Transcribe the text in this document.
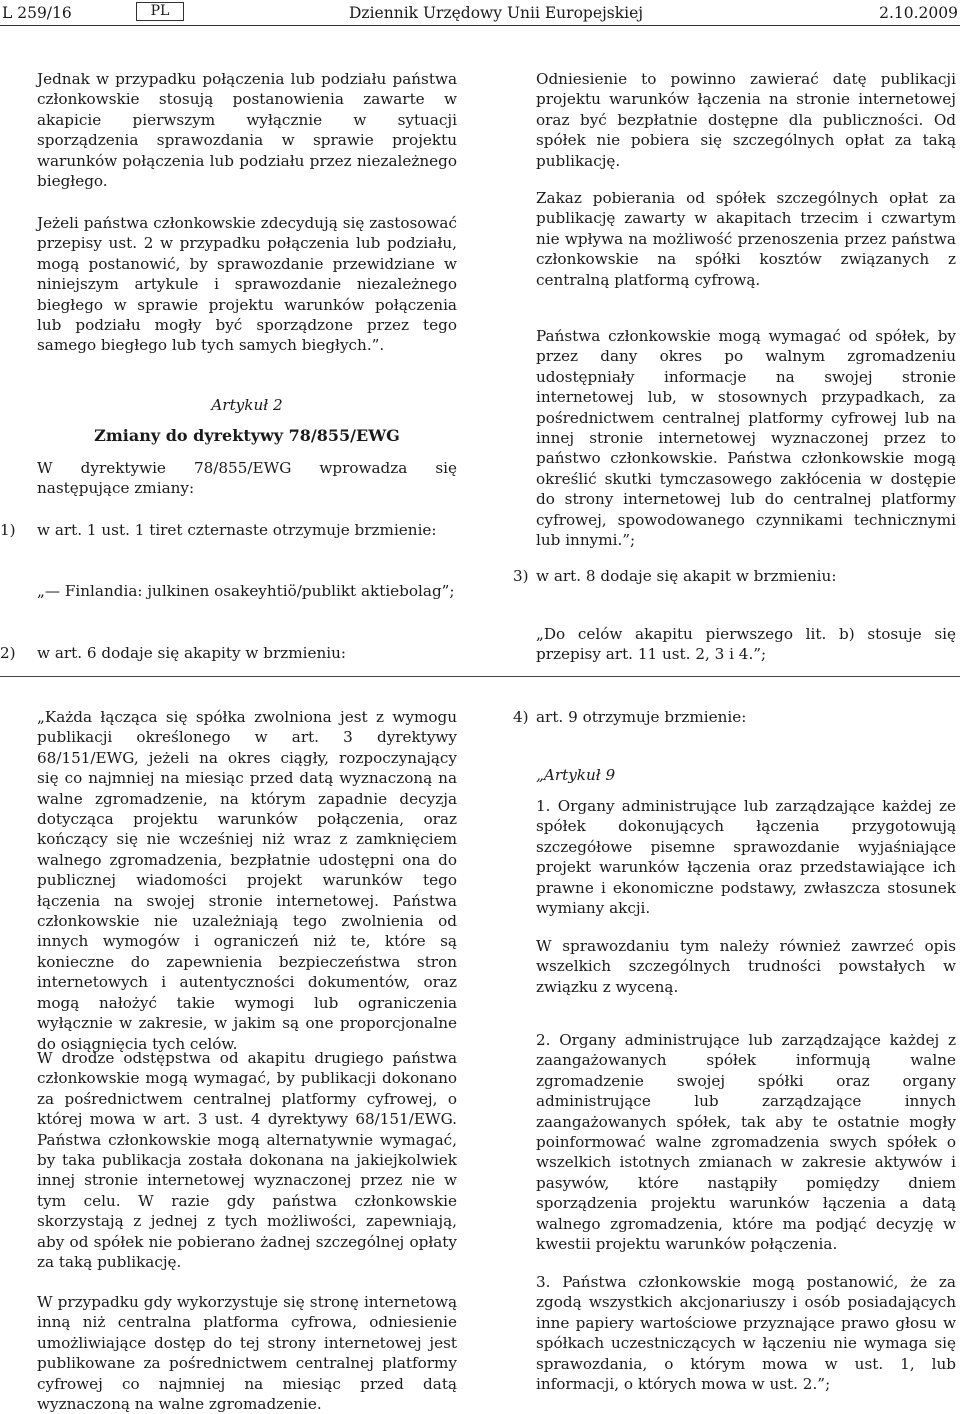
L 259/16	PL	Dziennik Urzędowy Unii Europejskiej	2.10.2009

Jednak w przypadku połączenia lub podziału państwa członkowskie stosują postanowienia zawarte w akapicie pierwszym wyłącznie w sytuacji sporządzenia sprawozdania w sprawie projektu warunków połączenia lub podziału przez niezależnego biegłego.

Jeżeli państwa członkowskie zdecydują się zastosować przepisy ust. 2 w przypadku połączenia lub podziału, mogą postanowić, by sprawozdanie przewidziane w niniejszym artykule i sprawozdanie niezależnego biegłego w sprawie projektu warunków połączenia lub podziału mogły być sporządzone przez tego samego biegłego lub tych samych biegłych.”.

Artykuł 2

Zmiany do dyrektywy 78/855/EWG

W dyrektywie 78/855/EWG wprowadza się następujące zmiany:

1) w art. 1 ust. 1 tiret czternaste otrzymuje brzmienie:

„— Finlandia: julkinen osakeyhtiö/publikt aktiebolag”;

2) w art. 6 dodaje się akapity w brzmieniu:

Odniesienie to powinno zawierać datę publikacji projektu warunków łączenia na stronie internetowej oraz być bezpłatnie dostępne dla publiczności. Od spółek nie pobiera się szczególnych opłat za taką publikację.

Zakaz pobierania od spółek szczególnych opłat za publikację zawarty w akapitach trzecim i czwartym nie wpływa na możliwość przenoszenia przez państwa członkowskie na spółki kosztów związanych z centralną platformą cyfrową.

Państwa członkowskie mogą wymagać od spółek, by przez dany okres po walnym zgromadzeniu udostępniały informacje na swojej stronie internetowej lub, w stosownych przypadkach, za pośrednictwem centralnej platformy cyfrowej lub na innej stronie internetowej wyznaczonej przez to państwo członkowskie. Państwa członkowskie mogą określić skutki tymczasowego zakłócenia w dostępie do strony internetowej lub do centralnej platformy cyfrowej, spowodowanego czynnikami technicznymi lub innymi.”;

3) w art. 8 dodaje się akapit w brzmieniu:

„Do celów akapitu pierwszego lit. b) stosuje się przepisy art. 11 ust. 2, 3 i 4.”;

„Każda łącząca się spółka zwolniona jest z wymogu publikacji określonego w art. 3 dyrektywy 68/151/EWG, jeżeli na okres ciągły, rozpoczynający się co najmniej na miesiąc przed datą wyznaczoną na walne zgromadzenie, na którym zapadnie decyzja dotycząca projektu warunków połączenia, oraz kończący się nie wcześniej niż wraz z zamknięciem walnego zgromadzenia, bezpłatnie udostępni ona do publicznej wiadomości projekt warunków tego łączenia na swojej stronie internetowej. Państwa członkowskie nie uzależniają tego zwolnienia od innych wymogów i ograniczeń niż te, które są konieczne do zapewnienia bezpieczeństwa stron internetowych i autentyczności dokumentów, oraz mogą nałożyć takie wymogi lub ograniczenia wyłącznie w zakresie, w jakim są one proporcjonalne do osiągnięcia tych celów.

W drodze odstępstwa od akapitu drugiego państwa członkowskie mogą wymagać, by publikacji dokonano za pośrednictwem centralnej platformy cyfrowej, o której mowa w art. 3 ust. 4 dyrektywy 68/151/EWG. Państwa członkowskie mogą alternatywnie wymagać, by taka publikacja została dokonana na jakiejkolwiek innej stronie internetowej wyznaczonej przez nie w tym celu. W razie gdy państwa członkowskie skorzystają z jednej z tych możliwości, zapewniają, aby od spółek nie pobierano żadnej szczególnej opłaty za taką publikację.

W przypadku gdy wykorzystuje się stronę internetową inną niż centralna platforma cyfrowa, odniesienie umożliwiające dostęp do tej strony internetowej jest publikowane za pośrednictwem centralnej platformy cyfrowej co najmniej na miesiąc przed datą wyznaczoną na walne zgromadzenie.

4) art. 9 otrzymuje brzmienie:

„Artykuł 9

1. Organy administrujące lub zarządzające każdej ze spółek dokonujących łączenia przygotowują szczegółowe pisemne sprawozdanie wyjaśniające projekt warunków łączenia oraz przedstawiające ich prawne i ekonomiczne podstawy, zwłaszcza stosunek wymiany akcji.

W sprawozdaniu tym należy również zawrzeć opis wszelkich szczególnych trudności powstałych w związku z wyceną.

2. Organy administrujące lub zarządzające każdej z zaangażowanych spółek informują walne zgromadzenie swojej spółki oraz organy administrujące lub zarządzające innych zaangażowanych spółek, tak aby te ostatnie mogły poinformować walne zgromadzenia swych spółek o wszelkich istotnych zmianach w zakresie aktywów i pasywów, które nastąpiły pomiędzy dniem sporządzenia projektu warunków łączenia a datą walnego zgromadzenia, które ma podjąć decyzję w kwestii projektu warunków połączenia.

3. Państwa członkowskie mogą postanowić, że za zgodą wszystkich akcjonariuszy i osób posiadających inne papiery wartościowe przyznające prawo głosu w spółkach uczestniczących w łączeniu nie wymaga się sprawozdania, o którym mowa w ust. 1, lub informacji, o których mowa w ust. 2.”;
